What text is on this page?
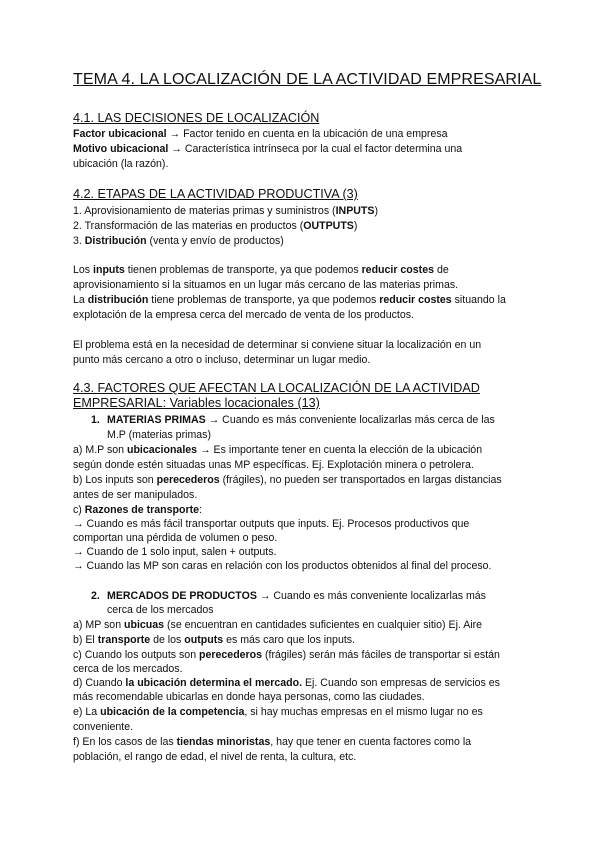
TEMA 4. LA LOCALIZACIÓN DE LA ACTIVIDAD EMPRESARIAL
4.1. LAS DECISIONES DE LOCALIZACIÓN
Factor ubicacional → Factor tenido en cuenta en la ubicación de una empresa
Motivo ubicacional → Característica intrínseca por la cual el factor determina una
ubicación (la razón).
4.2. ETAPAS DE LA ACTIVIDAD PRODUCTIVA (3)
1. Aprovisionamiento de materias primas y suministros (INPUTS)
2. Transformación de las materias en productos (OUTPUTS)
3. Distribución (venta y envío de productos)
Los inputs tienen problemas de transporte, ya que podemos reducir costes de
aprovisionamiento si la situamos en un lugar más cercano de las materias primas.
La distribución tiene problemas de transporte, ya que podemos reducir costes situando la
explotación de la empresa cerca del mercado de venta de los productos.
El problema está en la necesidad de determinar si conviene situar la localización en un
punto más cercano a otro o incluso, determinar un lugar medio.
4.3. FACTORES QUE AFECTAN LA LOCALIZACIÓN DE LA ACTIVIDAD
EMPRESARIAL: Variables locacionales (13)
1. MATERIAS PRIMAS → Cuando es más conveniente localizarlas más cerca de las
M.P (materias primas)
a) M.P son ubicacionales → Es importante tener en cuenta la elección de la ubicación
según donde estén situadas unas MP específicas. Ej. Explotación minera o petrolera.
b) Los inputs son perecederos (frágiles), no pueden ser transportados en largas distancias
antes de ser manipulados.
c) Razones de transporte:
→ Cuando es más fácil transportar outputs que inputs. Ej. Procesos productivos que
comportan una pérdida de volumen o peso.
→ Cuando de 1 solo input, salen + outputs.
→ Cuando las MP son caras en relación con los productos obtenidos al final del proceso.
2. MERCADOS DE PRODUCTOS → Cuando es más conveniente localizarlas más
cerca de los mercados
a) MP son ubicuas (se encuentran en cantidades suficientes en cualquier sitio) Ej. Aire
b) El transporte de los outputs es más caro que los inputs.
c) Cuando los outputs son perecederos (frágiles) serán más fáciles de transportar si están
cerca de los mercados.
d) Cuando la ubicación determina el mercado. Ej. Cuando son empresas de servicios es
más recomendable ubicarlas en donde haya personas, como las ciudades.
e) La ubicación de la competencia, si hay muchas empresas en el mismo lugar no es
conveniente.
f) En los casos de las tiendas minoristas, hay que tener en cuenta factores como la
población, el rango de edad, el nivel de renta, la cultura, etc.
